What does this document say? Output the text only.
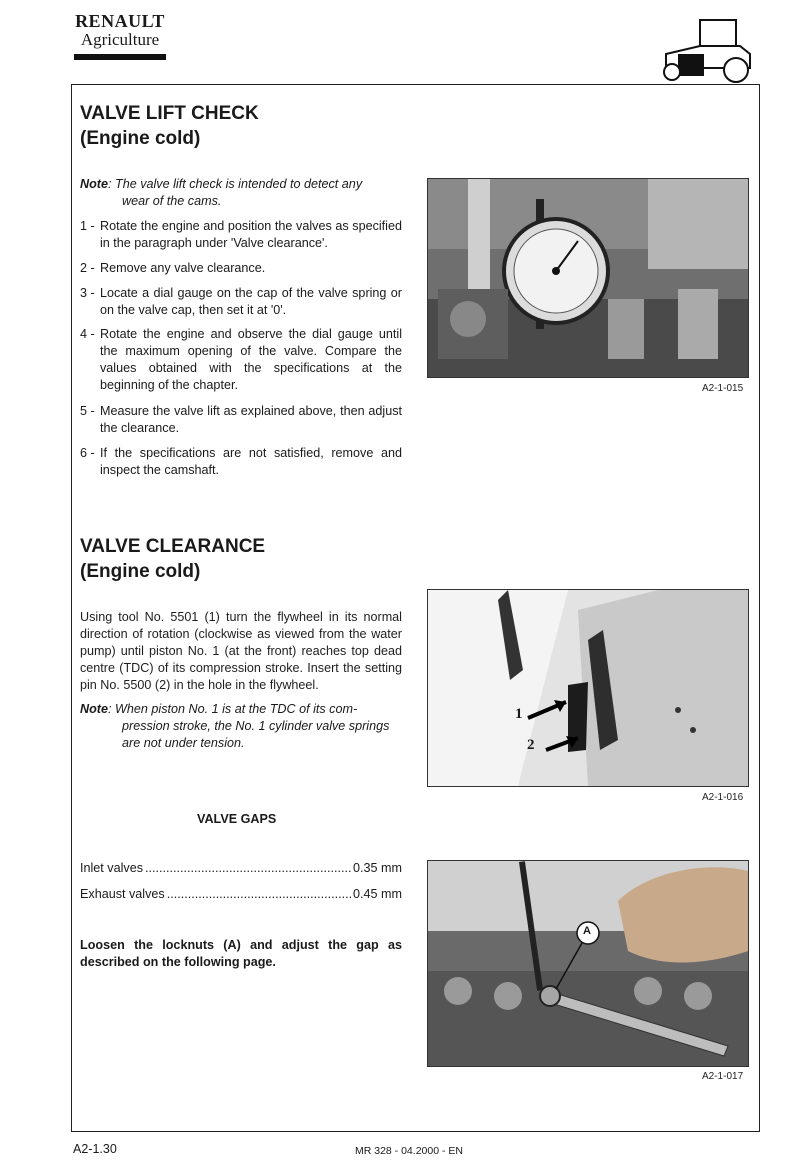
RENAULT
Agriculture
VALVE LIFT CHECK
(Engine cold)
Note: The valve lift check is intended to detect any
wear of the cams.
1 - Rotate the engine and position the valves as specified in the paragraph under 'Valve clearance'.
2 - Remove any valve clearance.
3 - Locate a dial gauge on the cap of the valve spring or on the valve cap, then set it at '0'.
4 - Rotate the engine and observe the dial gauge until the maximum opening of the valve. Compare the values obtained with the specifications at the beginning of the chapter.
5 - Measure the valve lift as explained above, then adjust the clearance.
6 - If the specifications are not satisfied, remove and inspect the camshaft.
A2-1-015
VALVE CLEARANCE
(Engine cold)
Using tool No. 5501 (1) turn the flywheel in its normal direction of rotation (clockwise as viewed from the water pump) until piston No. 1 (at the front) reaches top dead centre (TDC) of its compression stroke. Insert the setting pin No. 5500 (2) in the hole in the flywheel.
Note: When piston No. 1 is at the TDC of its com-
pression stroke, the No. 1 cylinder valve springs are not under tension.
1
2
A2-1-016
VALVE GAPS
Inlet valves .....	0.35 mm
Exhaust valves .....	0.45 mm
Loosen the locknuts (A) and adjust the gap as described on the following page.
A
A2-1-017
A2-1.30	MR 328 - 04.2000 - EN
